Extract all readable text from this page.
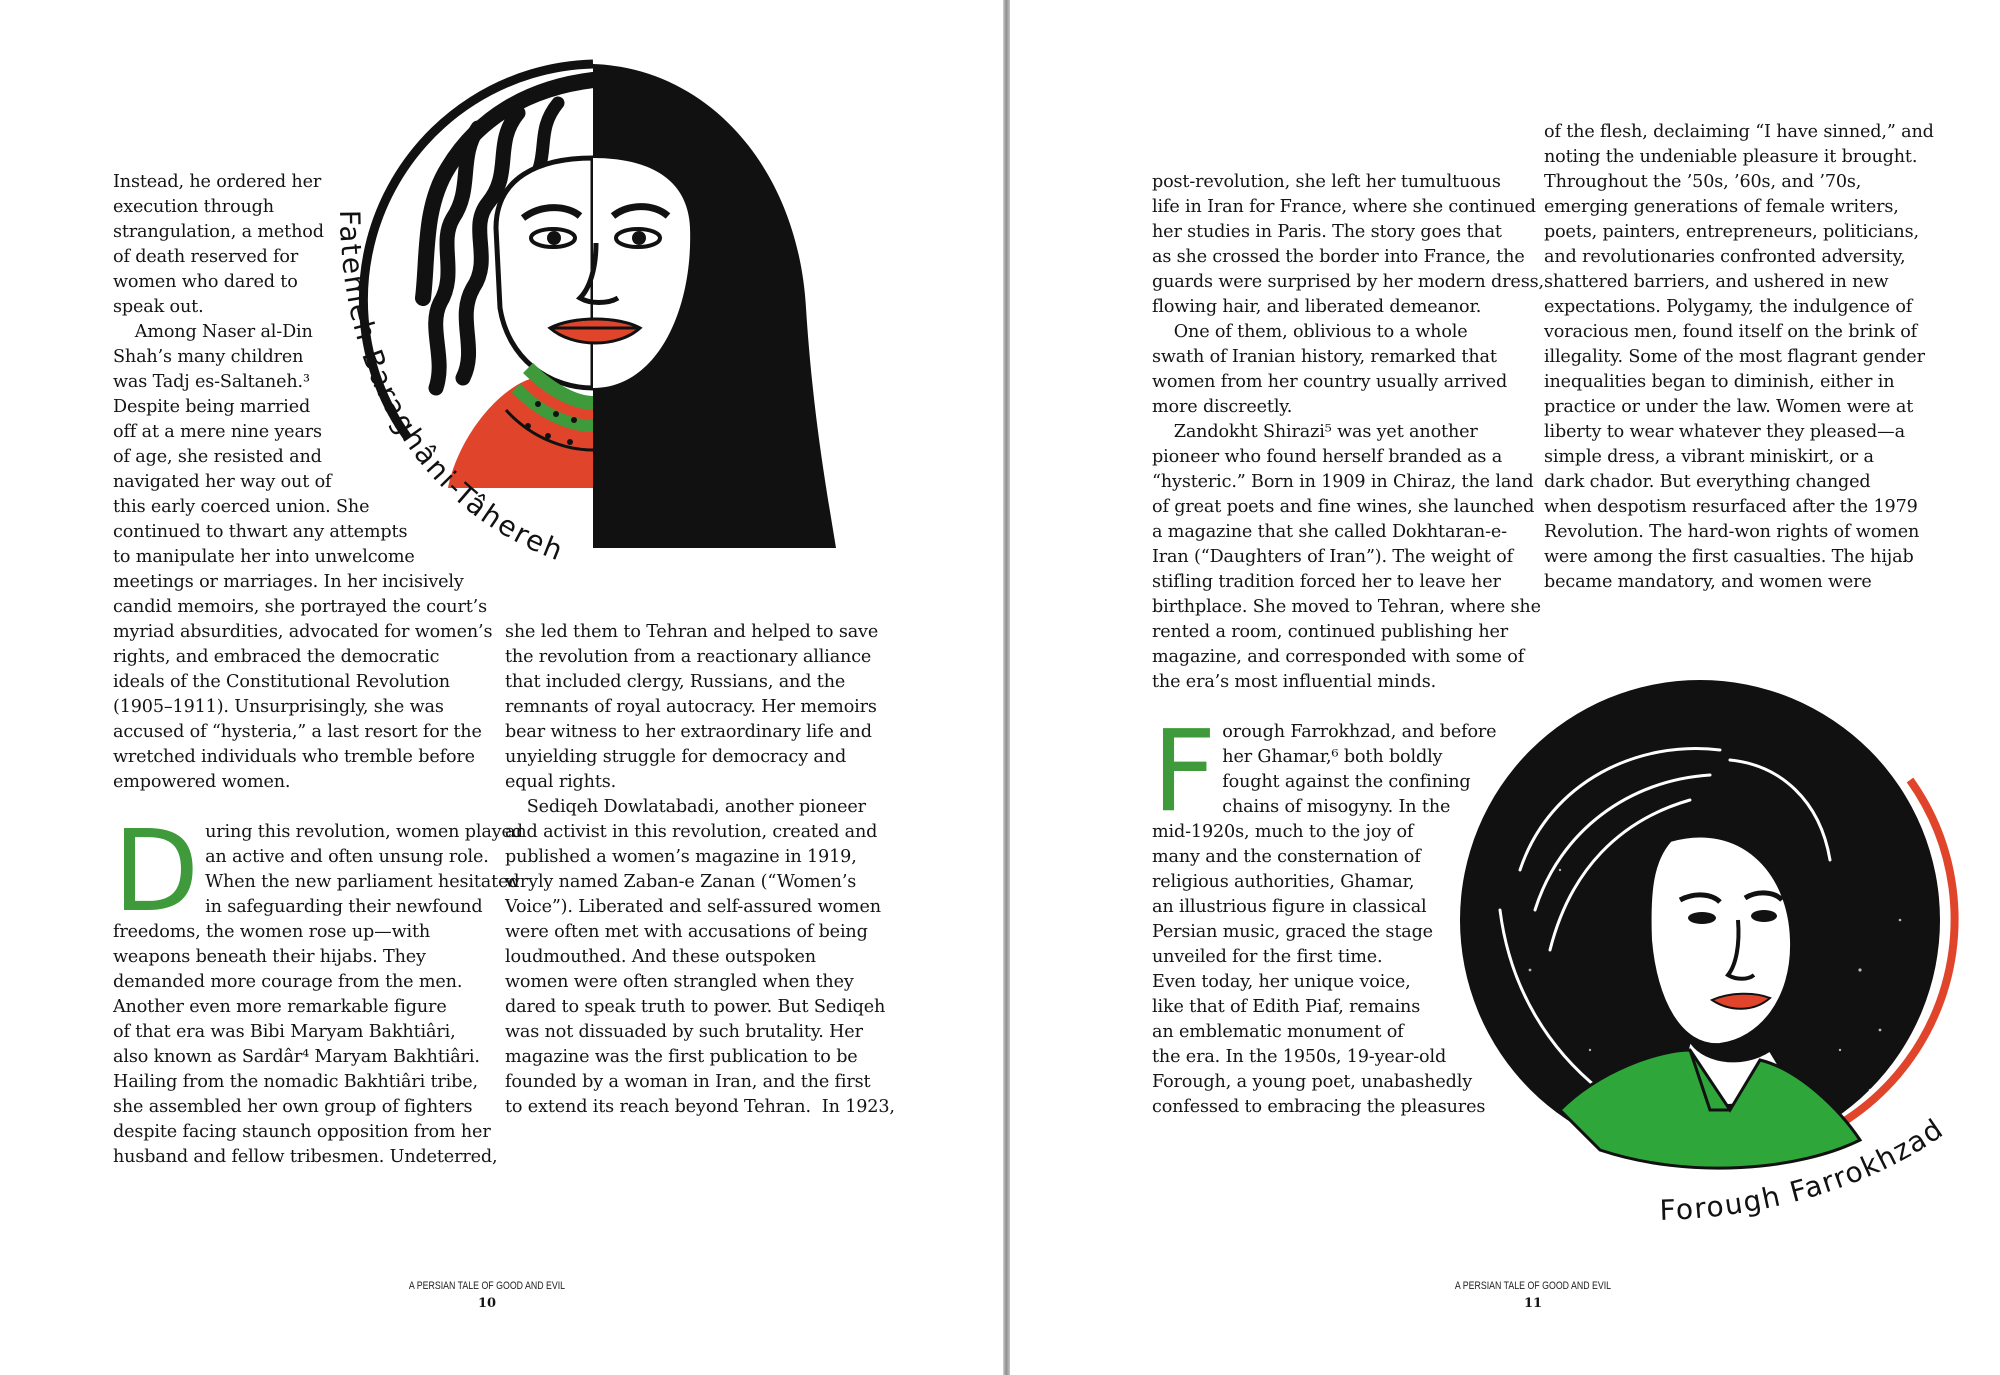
Fatemeh Baraghâni-Tâhereh
Instead, he ordered her
execution through
strangulation, a method
of death reserved for
women who dared to
speak out.
Among Naser al-Din
Shah’s many children
was Tadj es-Saltaneh.³
Despite being married
off at a mere nine years
of age, she resisted and
navigated her way out of
this early coerced union. She
continued to thwart any attempts
to manipulate her into unwelcome
meetings or marriages. In her incisively
candid memoirs, she portrayed the court’s
myriad absurdities, advocated for women’s
rights, and embraced the democratic
ideals of the Constitutional Revolution
(1905–1911). Unsurprisingly, she was
accused of “hysteria,” a last resort for the
wretched individuals who tremble before
empowered women.
D uring this revolution, women played
an active and often unsung role.
When the new parliament hesitated
in safeguarding their newfound
freedoms, the women rose up—with
weapons beneath their hijabs. They
demanded more courage from the men.
Another even more remarkable figure
of that era was Bibi Maryam Bakhtiâri,
also known as Sardâr⁴ Maryam Bakhtiâri.
Hailing from the nomadic Bakhtiâri tribe,
she assembled her own group of fighters
despite facing staunch opposition from her
husband and fellow tribesmen. Undeterred,
she led them to Tehran and helped to save
the revolution from a reactionary alliance
that included clergy, Russians, and the
remnants of royal autocracy. Her memoirs
bear witness to her extraordinary life and
unyielding struggle for democracy and
equal rights.
Sediqeh Dowlatabadi, another pioneer
and activist in this revolution, created and
published a women’s magazine in 1919,
wryly named Zaban-e Zanan (“Women’s
Voice”). Liberated and self-assured women
were often met with accusations of being
loudmouthed. And these outspoken
women were often strangled when they
dared to speak truth to power. But Sediqeh
was not dissuaded by such brutality. Her
magazine was the first publication to be
founded by a woman in Iran, and the first
to extend its reach beyond Tehran.  In 1923,
A PERSIAN TALE OF GOOD AND EVIL
10
post-revolution, she left her tumultuous
life in Iran for France, where she continued
her studies in Paris. The story goes that
as she crossed the border into France, the
guards were surprised by her modern dress,
flowing hair, and liberated demeanor.
One of them, oblivious to a whole
swath of Iranian history, remarked that
women from her country usually arrived
more discreetly.
Zandokht Shirazi⁵ was yet another
pioneer who found herself branded as a
“hysteric.” Born in 1909 in Chiraz, the land
of great poets and fine wines, she launched
a magazine that she called Dokhtaran-e-
Iran (“Daughters of Iran”). The weight of
stifling tradition forced her to leave her
birthplace. She moved to Tehran, where she
rented a room, continued publishing her
magazine, and corresponded with some of
the era’s most influential minds.
F orough Farrokhzad, and before
her Ghamar,⁶ both boldly
fought against the confining
chains of misogyny. In the
mid-1920s, much to the joy of
many and the consternation of
religious authorities, Ghamar,
an illustrious figure in classical
Persian music, graced the stage
unveiled for the first time.
Even today, her unique voice,
like that of Edith Piaf, remains
an emblematic monument of
the era. In the 1950s, 19-year-old
Forough, a young poet, unabashedly
confessed to embracing the pleasures
of the flesh, declaiming “I have sinned,” and
noting the undeniable pleasure it brought.
Throughout the ’50s, ’60s, and ’70s,
emerging generations of female writers,
poets, painters, entrepreneurs, politicians,
and revolutionaries confronted adversity,
shattered barriers, and ushered in new
expectations. Polygamy, the indulgence of
voracious men, found itself on the brink of
illegality. Some of the most flagrant gender
inequalities began to diminish, either in
practice or under the law. Women were at
liberty to wear whatever they pleased—a
simple dress, a vibrant miniskirt, or a
dark chador. But everything changed
when despotism resurfaced after the 1979
Revolution. The hard-won rights of women
were among the first casualties. The hijab
became mandatory, and women were
Forough Farrokhzad
A PERSIAN TALE OF GOOD AND EVIL
11
